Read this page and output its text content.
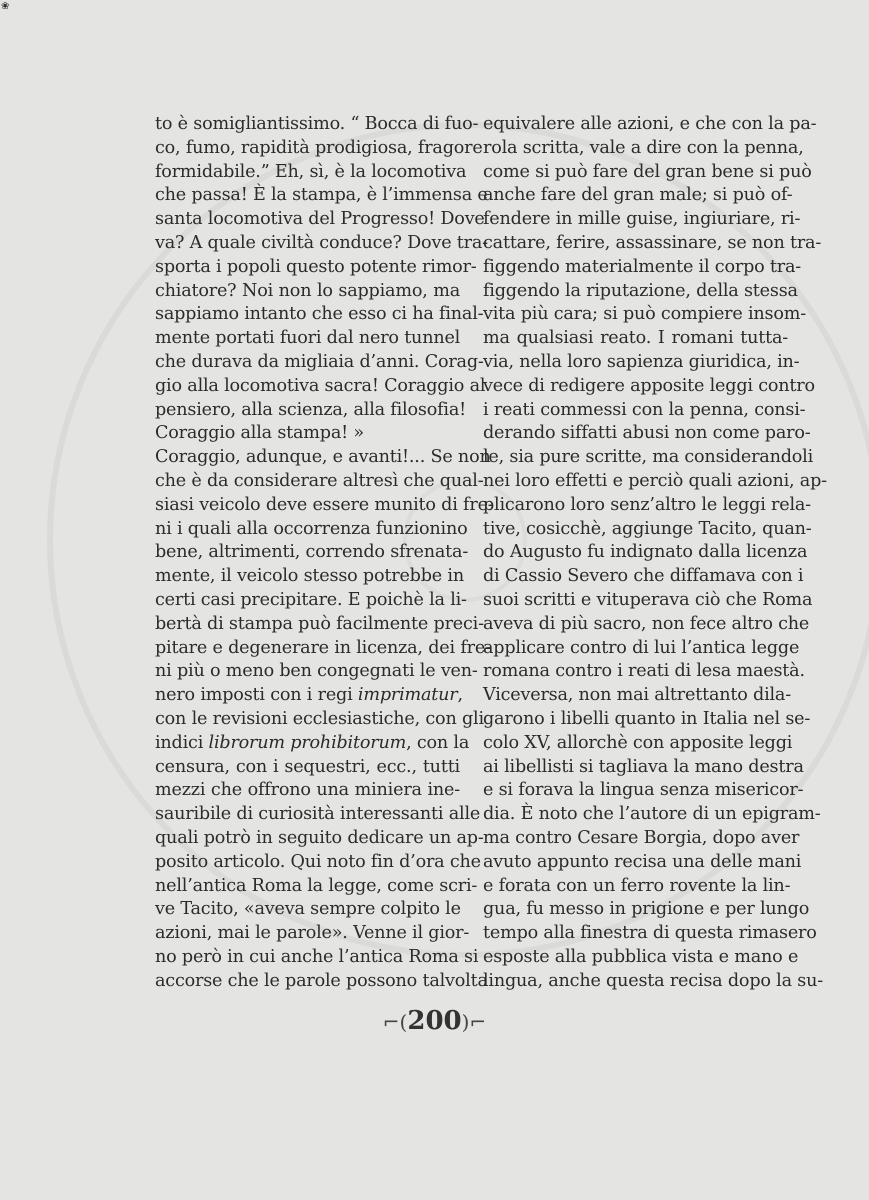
❀
to è somigliantissimo. “ Bocca di fuo-
co, fumo, rapidità prodigiosa, fragore
formidabile.” Eh, sì, è la locomotiva
che passa! È la stampa, è l’immensa e
santa locomotiva del Progresso! Dove
va? A quale civiltà conduce? Dove tra-
sporta i popoli questo potente rimor-
chiatore? Noi non lo sappiamo, ma
sappiamo intanto che esso ci ha final-
mente portati fuori dal nero tunnel
che durava da migliaia d’anni. Corag-
gio alla locomotiva sacra! Coraggio al
pensiero, alla scienza, alla filosofia!
Coraggio alla stampa! »
Coraggio, adunque, e avanti!... Se non
che è da considerare altresì che qual-
siasi veicolo deve essere munito di fre-
ni i quali alla occorrenza funzionino
bene, altrimenti, correndo sfrenata-
mente, il veicolo stesso potrebbe in
certi casi precipitare. E poichè la li-
bertà di stampa può facilmente preci-
pitare e degenerare in licenza, dei fre-
ni più o meno ben congegnati le ven-
nero imposti con i regi imprimatur,
con le revisioni ecclesiastiche, con gli
indici librorum prohibitorum, con la
censura, con i sequestri, ecc., tutti
mezzi che offrono una miniera ine-
sauribile di curiosità interessanti alle
quali potrò in seguito dedicare un ap-
posito articolo. Qui noto fin d’ora che
nell’antica Roma la legge, come scri-
ve Tacito, «aveva sempre colpito le
azioni, mai le parole». Venne il gior-
no però in cui anche l’antica Roma si
accorse che le parole possono talvolta
equivalere alle azioni, e che con la pa-
rola scritta, vale a dire con la penna,
come si può fare del gran bene si può
anche fare del gran male; si può of-
fendere in mille guise, ingiuriare, ri-
cattare, ferire, assassinare, se non tra-
figgendo materialmente il corpo tra-
figgendo la riputazione, della stessa
vita più cara; si può compiere insom-
ma qualsiasi reato. I romani tutta-
via, nella loro sapienza giuridica, in-
vece di redigere apposite leggi contro
i reati commessi con la penna, consi-
derando siffatti abusi non come paro-
le, sia pure scritte, ma considerandoli
nei loro effetti e perciò quali azioni, ap-
plicarono loro senz’altro le leggi rela-
tive, cosicchè, aggiunge Tacito, quan-
do Augusto fu indignato dalla licenza
di Cassio Severo che diffamava con i
suoi scritti e vituperava ciò che Roma
aveva di più sacro, non fece altro che
applicare contro di lui l’antica legge
romana contro i reati di lesa maestà.
Viceversa, non mai altrettanto dila-
garono i libelli quanto in Italia nel se-
colo XV, allorchè con apposite leggi
ai libellisti si tagliava la mano destra
e si forava la lingua senza misericor-
dia. È noto che l’autore di un epigram-
ma contro Cesare Borgia, dopo aver
avuto appunto recisa una delle mani
e forata con un ferro rovente la lin-
gua, fu messo in prigione e per lungo
tempo alla finestra di questa rimasero
esposte alla pubblica vista e mano e
lingua, anche questa recisa dopo la su-
⌐(200)⌐
